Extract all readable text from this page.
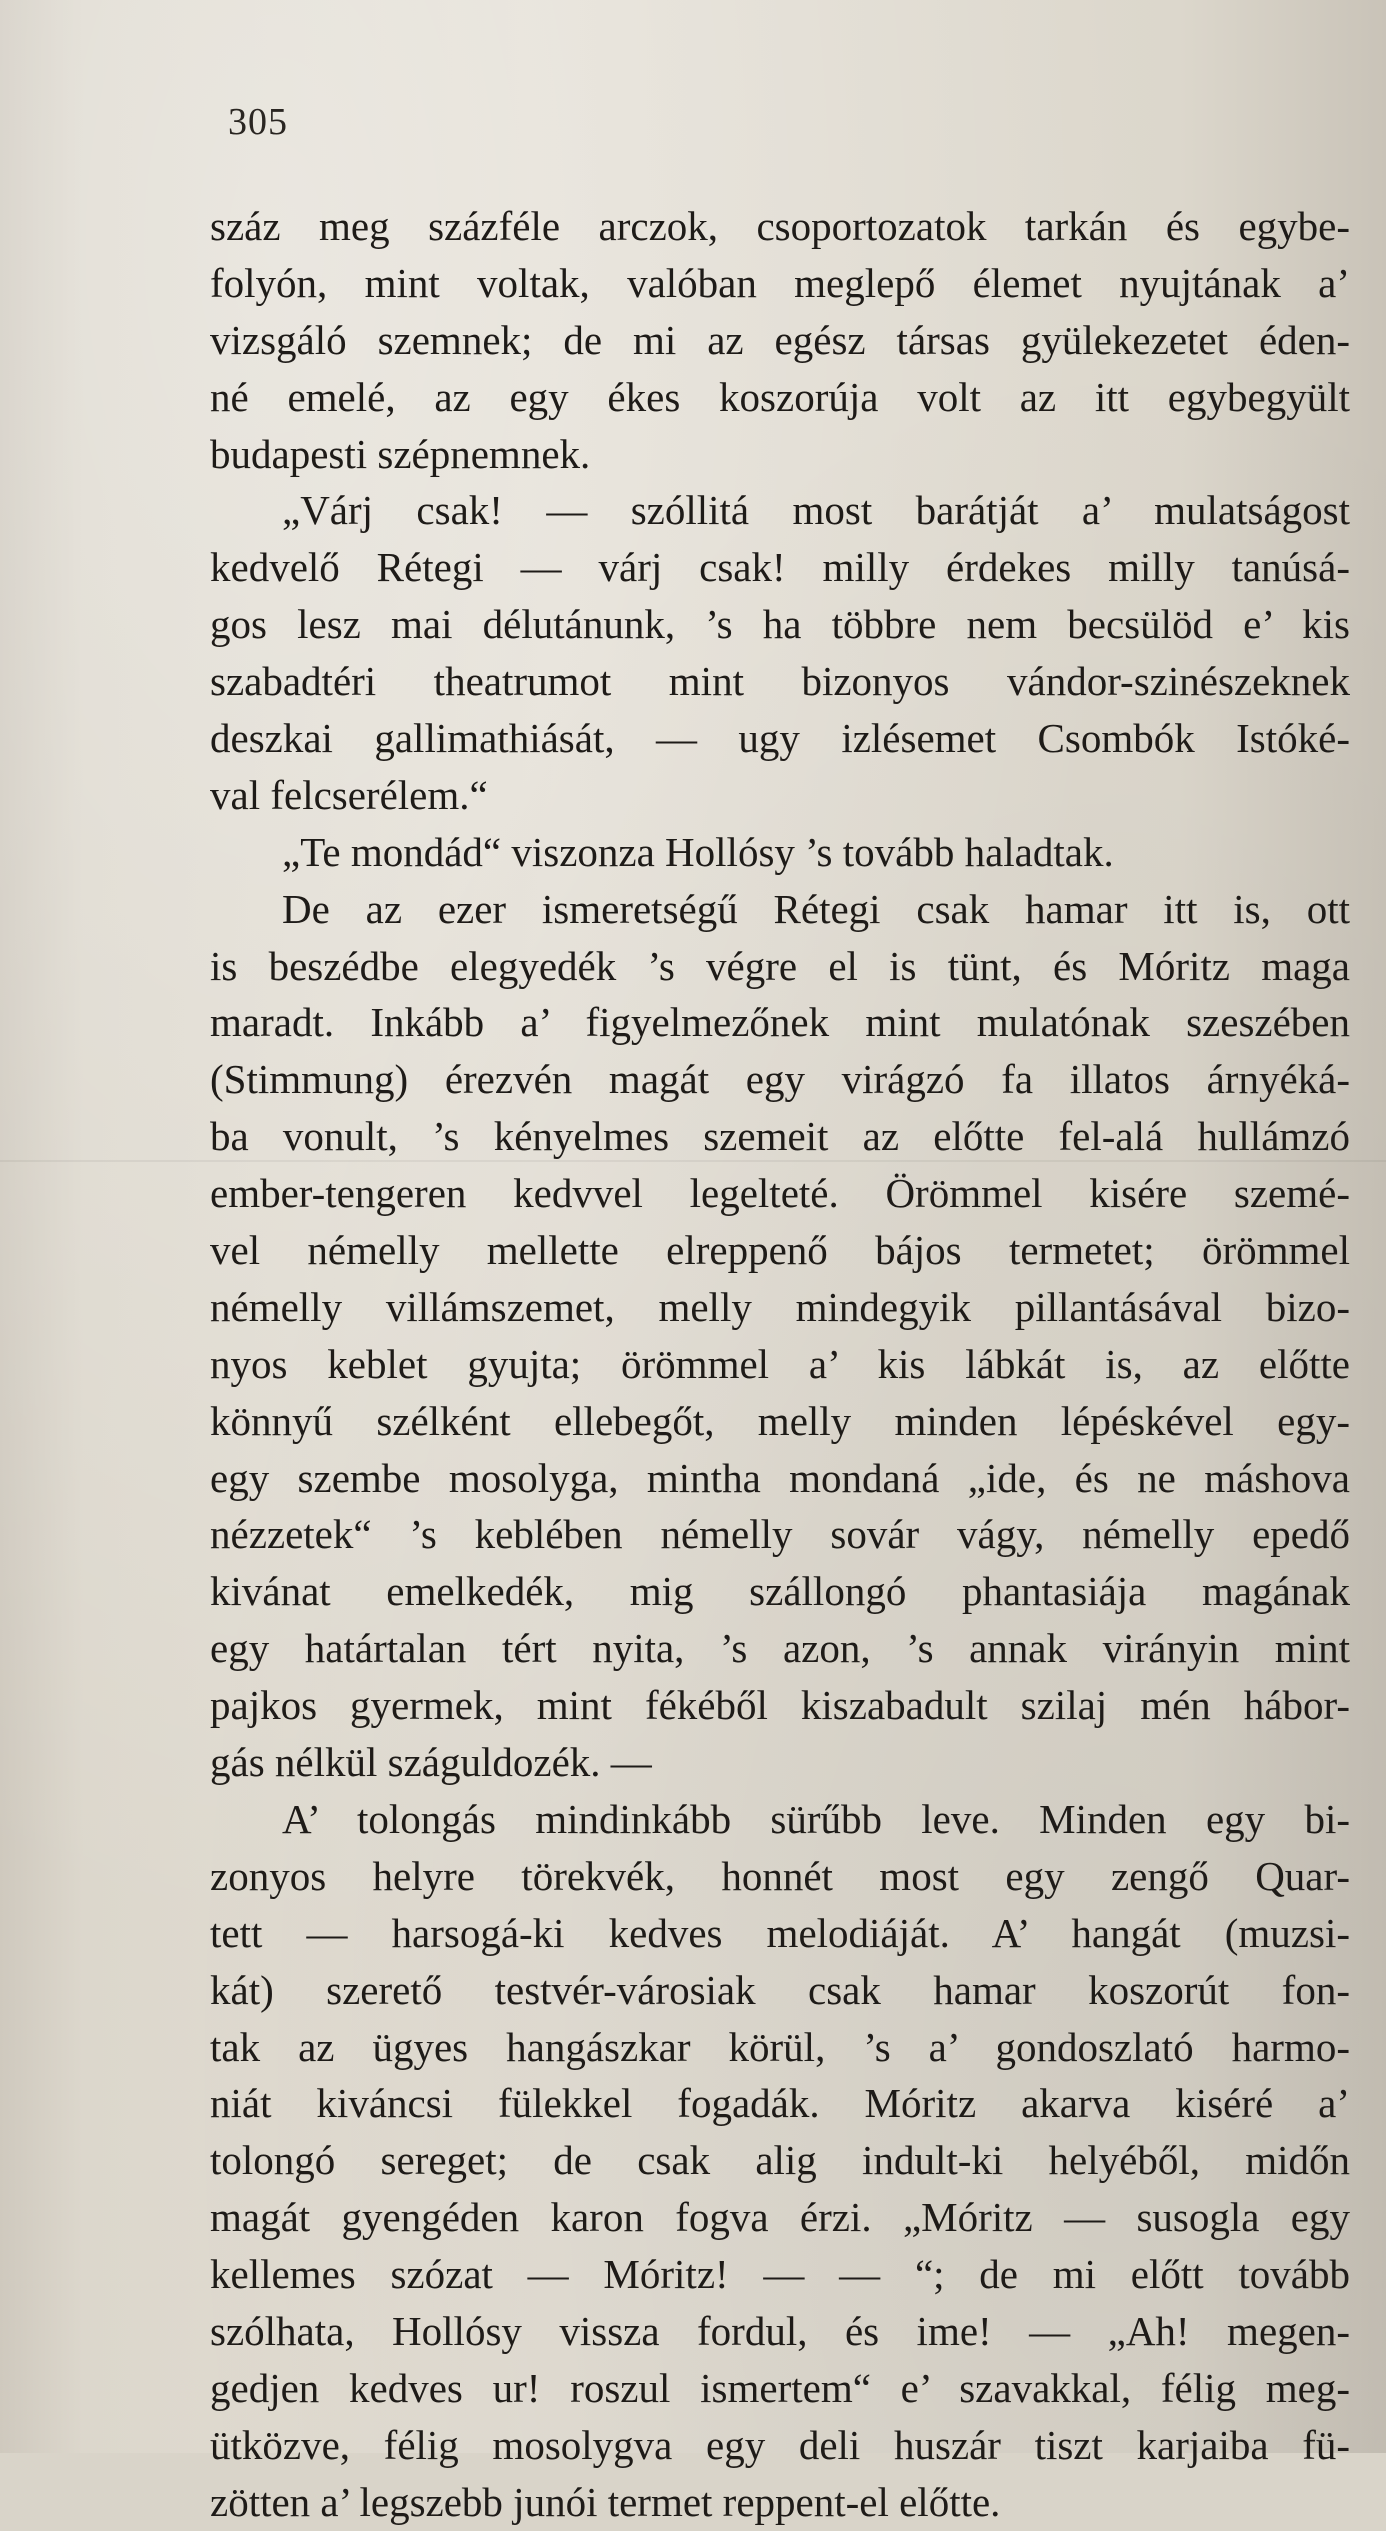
305
száz meg százféle arczok, csoportozatok tarkán és egybe-
folyón, mint voltak, valóban meglepő élemet nyujtának a’
vizsgáló szemnek; de mi az egész társas gyülekezetet éden-
né emelé, az egy ékes koszorúja volt az itt egybegyült
budapesti szépnemnek.
„Várj csak! — szóllitá most barátját a’ mulatságost
kedvelő Rétegi — várj csak! milly érdekes milly tanúsá-
gos lesz mai délutánunk, ’s ha többre nem becsülöd e’ kis
szabadtéri theatrumot mint bizonyos vándor-szinészeknek
deszkai gallimathiását, — ugy izlésemet Csombók Istóké-
val felcserélem.“
„Te mondád“ viszonza Hollósy ’s tovább haladtak.
De az ezer ismeretségű Rétegi csak hamar itt is, ott
is beszédbe elegyedék ’s végre el is tünt, és Móritz maga
maradt. Inkább a’ figyelmezőnek mint mulatónak szeszében
(Stimmung) érezvén magát egy virágzó fa illatos árnyéká-
ba vonult, ’s kényelmes szemeit az előtte fel-alá hullámzó
ember-tengeren kedvvel legelteté. Örömmel kisére szemé-
vel némelly mellette elreppenő bájos termetet; örömmel
némelly villámszemet, melly mindegyik pillantásával bizo-
nyos keblet gyujta; örömmel a’ kis lábkát is, az előtte
könnyű szélként ellebegőt, melly minden lépéskével egy-
egy szembe mosolyga, mintha mondaná „ide, és ne máshova
nézzetek“ ’s keblében némelly sovár vágy, némelly epedő
kivánat emelkedék, mig szállongó phantasiája magának
egy határtalan tért nyita, ’s azon, ’s annak virányin mint
pajkos gyermek, mint fékéből kiszabadult szilaj mén hábor-
gás nélkül száguldozék. —
A’ tolongás mindinkább sürűbb leve. Minden egy bi-
zonyos helyre törekvék, honnét most egy zengő Quar-
tett — harsogá-ki kedves melodiáját. A’ hangát (muzsi-
kát) szerető testvér-városiak csak hamar koszorút fon-
tak az ügyes hangászkar körül, ’s a’ gondoszlató harmo-
niát kiváncsi fülekkel fogadák. Móritz akarva kiséré a’
tolongó sereget; de csak alig indult-ki helyéből, midőn
magát gyengéden karon fogva érzi. „Móritz — susogla egy
kellemes szózat — Móritz! — — “; de mi előtt tovább
szólhata, Hollósy vissza fordul, és ime! — „Ah! megen-
gedjen kedves ur! roszul ismertem“ e’ szavakkal, félig meg-
ütközve, félig mosolygva egy deli huszár tiszt karjaiba fü-
zötten a’ legszebb junói termet reppent-el előtte.
